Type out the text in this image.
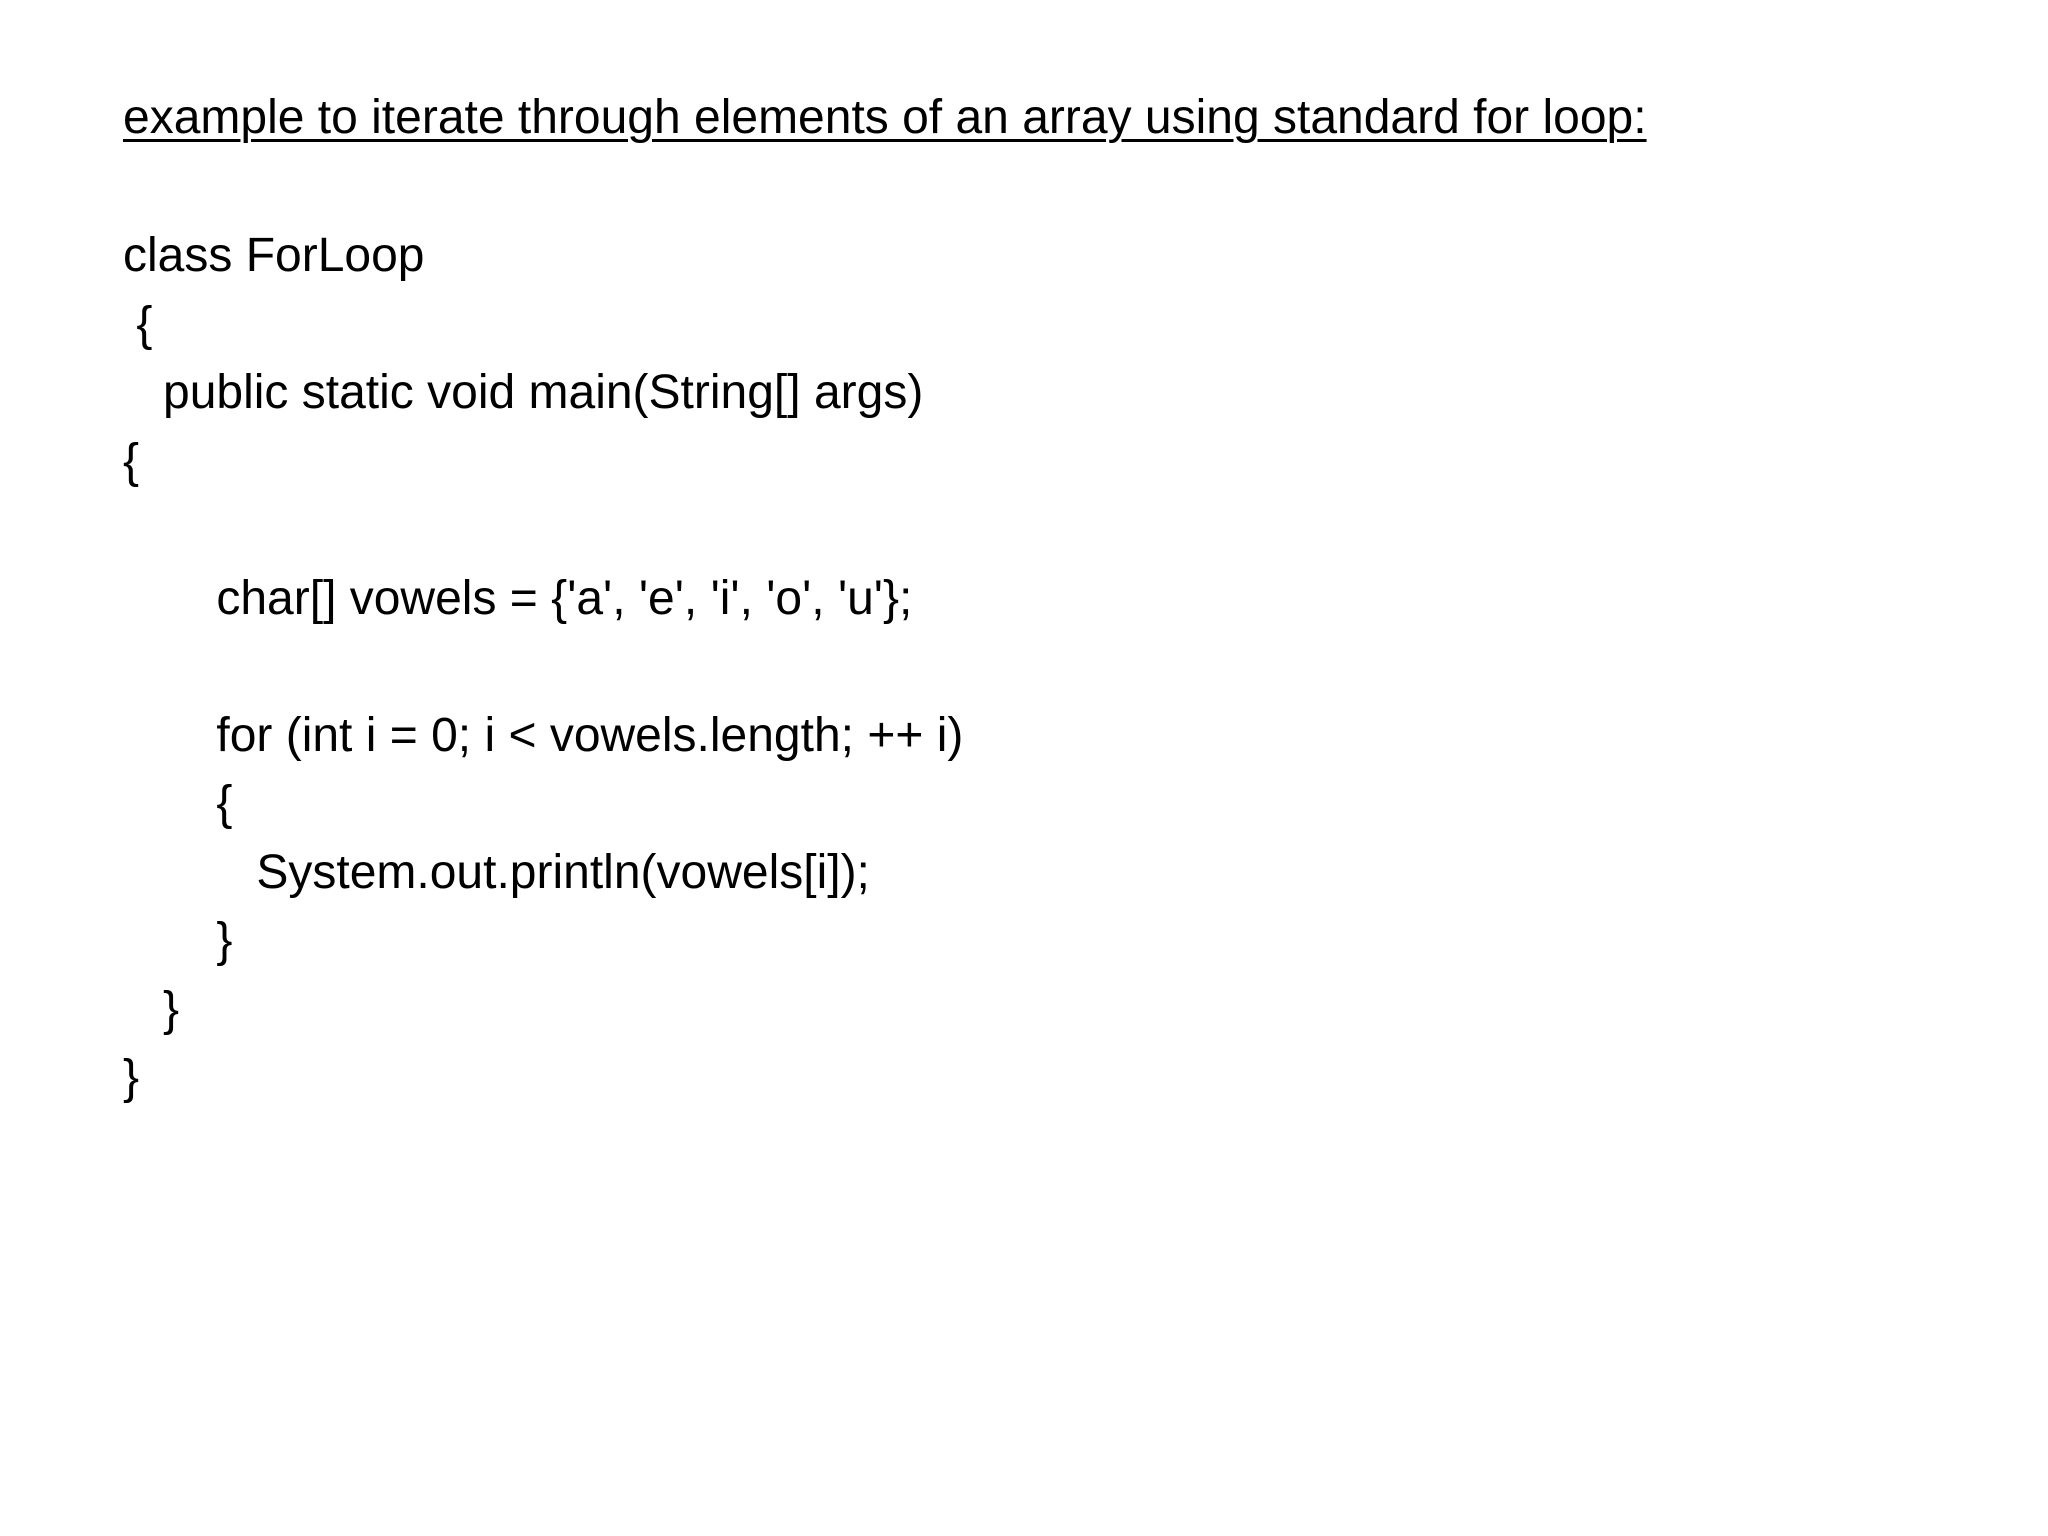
example to iterate through elements of an array using standard for loop:
class ForLoop
{
public static void main(String[] args)
{
char[] vowels = {'a', 'e', 'i', 'o', 'u'};
for (int i = 0; i < vowels.length; ++ i)
{
System.out.println(vowels[i]);
}
}
}
